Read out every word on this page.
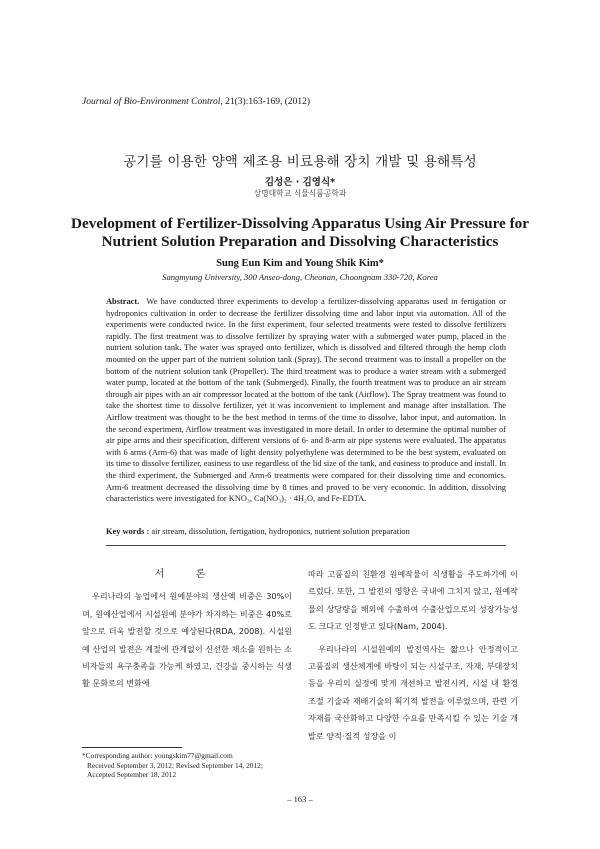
Journal of Bio-Environment Control, 21(3):163-169, (2012)
공기를 이용한 양액 제조용 비료용해 장치 개발 및 용해특성
김성은 · 김영식*
상명대학교 식물식품공학과
Development of Fertilizer-Dissolving Apparatus Using Air Pressure for Nutrient Solution Preparation and Dissolving Characteristics
Sung Eun Kim and Young Shik Kim*
Sangmyung University, 300 Anseo-dong, Cheonan, Choongnam 330-720, Korea
Abstract. We have conducted three experiments to develop a fertilizer-dissolving apparatus used in fertigation or hydroponics cultivation in order to decrease the fertilizer dissolving time and labor input via automation. All of the experiments were conducted twice. In the first experiment, four selected treatments were tested to dissolve fertilizers rapidly. The first treatment was to dissolve fertilizer by spraying water with a submerged water pump, placed in the nutrient solution tank. The water was sprayed onto fertilizer, which is dissolved and filtered through the hemp cloth mounted on the upper part of the nutrient solution tank (Spray). The second treatment was to install a propeller on the bottom of the nutrient solution tank (Propeller). The third treatment was to produce a water stream with a submerged water pump, located at the bottom of the tank (Submerged). Finally, the fourth treatment was to produce an air stream through air pipes with an air compressor located at the bottom of the tank (Airflow). The Spray treatment was found to take the shortest time to dissolve fertilizer, yet it was inconvenient to implement and manage after installation. The Airflow treatment was thought to be the best method in terms of the time to dissolve, labor input, and automation. In the second experiment, Airflow treatment was investigated in more detail. In order to determine the optimal number of air pipe arms and their specification, different versions of 6- and 8-arm air pipe systems were evaluated. The apparatus with 6 arms (Arm-6) that was made of light density polyethylene was determined to be the best system, evaluated on its time to dissolve fertilizer, easiness to use regardless of the lid size of the tank, and easiness to produce and install. In the third experiment, the Submerged and Arm-6 treatments were compared for their dissolving time and economics. Arm-6 treatment decreased the dissolving time by 8 times and proved to be very economic. In addition, dissolving characteristics were investigated for KNO₃, Ca(NO₃)₂ · 4H₂O, and Fe-EDTA.
Key words : air stream, dissolution, fertigation, hydroponics, nutrient solution preparation
서 론

우리나라의 농업에서 원예분야의 생산액 비중은 30%이며, 원예산업에서 시설원예 분야가 차지하는 비중은 40%로 앞으로 더욱 발전할 것으로 예상된다(RDA, 2008). 시설원예 산업의 발전은 계절에 관계없이 신선한 채소를 원하는 소비자들의 욕구충족을 가능케 하였고, 건강을 중시하는 식생활 문화로의 변화에

따라 고품질의 친환경 원예작물이 식생활을 주도하기에 이르렀다. 또한, 그 발전의 영향은 국내에 그치지 않고, 원예작물의 상당량을 해외에 수출하여 수출산업으로의 성장가능성도 크다고 인정받고 있다(Nam, 2004).

우리나라의 시설원예의 발전역사는 짧으나 안정적이고 고품질의 생산체계에 바탕이 되는 시설구조, 자재, 부대장치 등을 우리의 실정에 맞게 개선하고 발전시켜, 시설 내 환경조절 기술과 재배기술의 획기적 발전을 이루었으며, 관련 기자재를 국산화하고 다양한 수요를 만족시킬 수 있는 기술 개발로 양적·질적 성장을 이

*Corresponding author: youngskim77@gmail.com
Received September 3, 2012; Revised September 14, 2012;
Accepted September 18, 2012
– 163 –
